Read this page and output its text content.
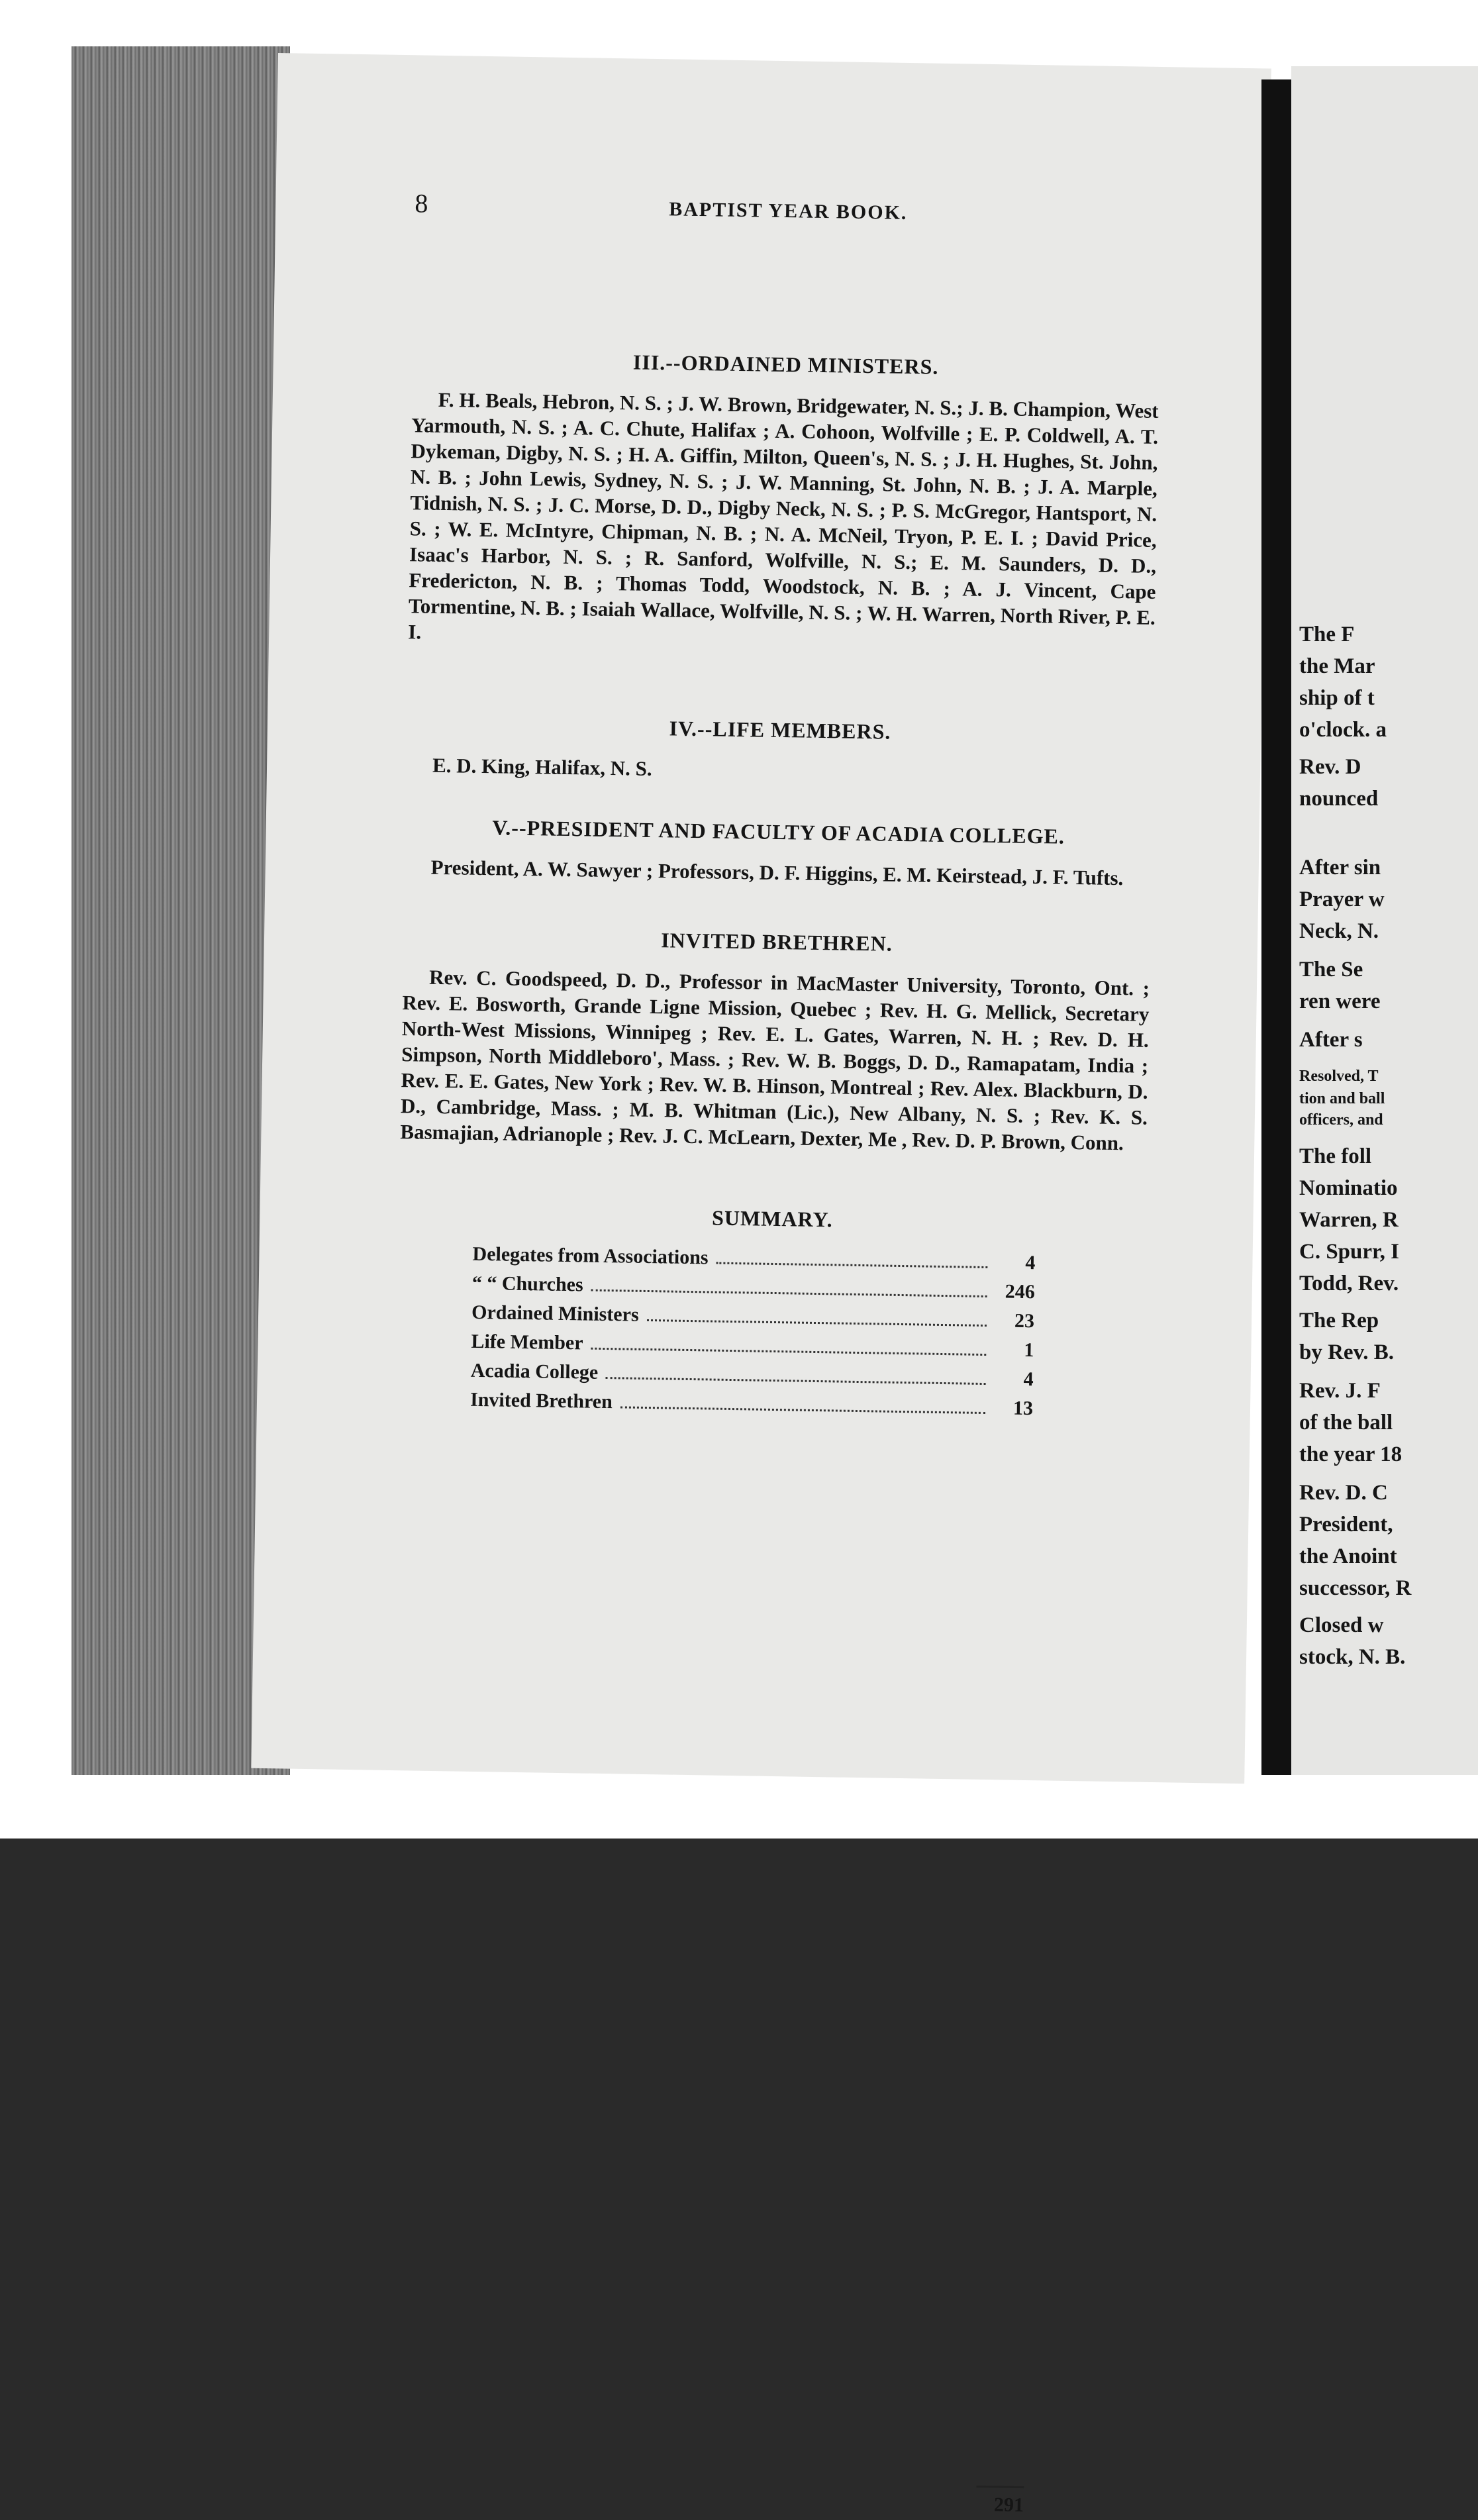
8	BAPTIST YEAR BOOK.
III.--ORDAINED MINISTERS.

F. H. Beals, Hebron, N. S. ; J. W. Brown, Bridgewater, N. S.; J. B. Champion, West Yarmouth, N. S. ; A. C. Chute, Halifax ; A. Cohoon, Wolfville ; E. P. Coldwell, A. T. Dykeman, Digby, N. S. ; H. A. Giffin, Milton, Queen's, N. S. ; J. H. Hughes, St. John, N. B. ; John Lewis, Sydney, N. S. ; J. W. Manning, St. John, N. B. ; J. A. Marple, Tidnish, N. S. ; J. C. Morse, D. D., Digby Neck, N. S. ; P. S. McGregor, Hantsport, N. S. ; W. E. McIntyre, Chipman, N. B. ; N. A. McNeil, Tryon, P. E. I. ; David Price, Isaac's Harbor, N. S. ; R. Sanford, Wolfville, N. S.; E. M. Saunders, D. D., Fredericton, N. B. ; Thomas Todd, Woodstock, N. B. ; A. J. Vincent, Cape Tormentine, N. B. ; Isaiah Wallace, Wolfville, N. S. ; W. H. Warren, North River, P. E. I.

IV.--LIFE MEMBERS.

E. D. King, Halifax, N. S.

V.--PRESIDENT AND FACULTY OF ACADIA COLLEGE.

President, A. W. Sawyer ; Professors, D. F. Higgins, E. M. Keirstead, J. F. Tufts.

INVITED BRETHREN.

Rev. C. Goodspeed, D. D., Professor in MacMaster University, Toronto, Ont. ; Rev. E. Bosworth, Grande Ligne Mission, Quebec ; Rev. H. G. Mellick, Secretary North-West Missions, Winnipeg ; Rev. E. L. Gates, Warren, N. H. ; Rev. D. H. Simpson, North Middleboro', Mass. ; Rev. W. B. Boggs, D. D., Ramapatam, India ; Rev. E. E. Gates, New York ; Rev. W. B. Hinson, Montreal ; Rev. Alex. Blackburn, D. D., Cambridge, Mass. ; M. B. Whitman (Lic.), New Albany, N. S. ; Rev. K. S. Basmajian, Adrianople ; Rev. J. C. McLearn, Dexter, Me , Rev. D. P. Brown, Conn.

SUMMARY.
Delegates from Associations	4
“ “ Churches	246
Ordained Ministers	23
Life Member	1
Acadia College	4
Invited Brethren	13
291
The F
the Mar
ship of t
o'clock. a
Rev. D
nounced
After sin
Prayer w
Neck, N.
The Se
ren were
After s
Resolved, T
tion and ball
officers, and
The foll
Nominatio
Warren, R
C. Spurr, I
Todd, Rev.
The Rep
by Rev. B.
Rev. J. F
of the ball
the year 18
Rev. D. C
President,
the Anoint
successor, R
Closed w
stock, N. B.
